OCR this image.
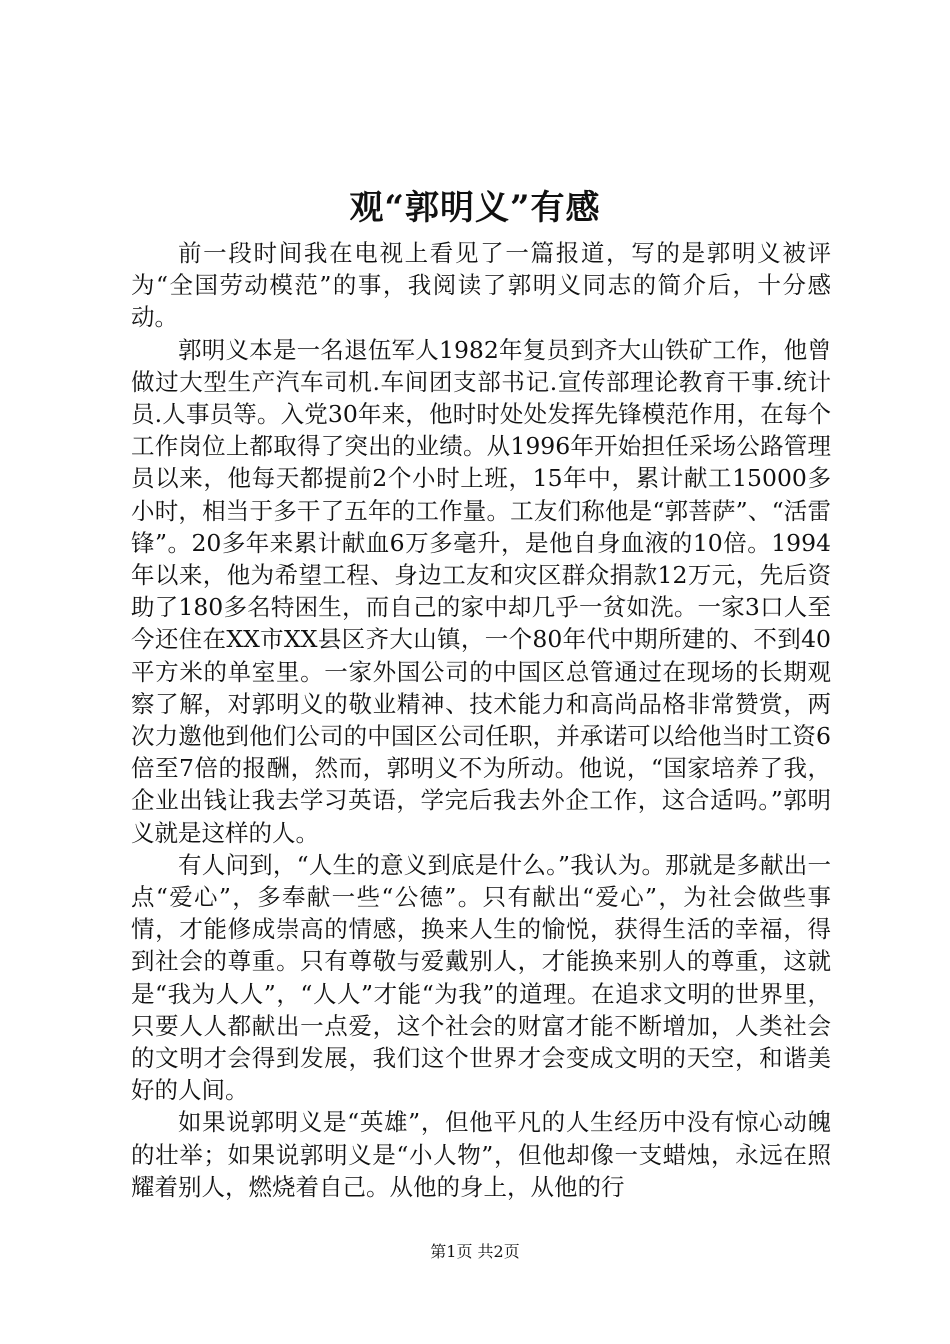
观“郭明义”有感

前一段时间我在电视上看见了一篇报道，写的是郭明义被评为“全国劳动模范”的事，我阅读了郭明义同志的简介后，十分感动。

郭明义本是一名退伍军人1982年复员到齐大山铁矿工作，他曾做过大型生产汽车司机.车间团支部书记.宣传部理论教育干事.统计员.人事员等。入党30年来，他时时处处发挥先锋模范作用，在每个工作岗位上都取得了突出的业绩。从1996年开始担任采场公路管理员以来，他每天都提前2个小时上班，15年中，累计献工15000多小时，相当于多干了五年的工作量。工友们称他是“郭菩萨”、“活雷锋”。20多年来累计献血6万多毫升，是他自身血液的10倍。1994年以来，他为希望工程、身边工友和灾区群众捐款12万元，先后资助了180多名特困生，而自己的家中却几乎一贫如洗。一家3口人至今还住在XX市XX县区齐大山镇，一个80年代中期所建的、不到40平方米的单室里。一家外国公司的中国区总管通过在现场的长期观察了解，对郭明义的敬业精神、技术能力和高尚品格非常赞赏，两次力邀他到他们公司的中国区公司任职，并承诺可以给他当时工资6倍至7倍的报酬，然而，郭明义不为所动。他说，“国家培养了我，企业出钱让我去学习英语，学完后我去外企工作，这合适吗。”郭明义就是这样的人。

有人问到，“人生的意义到底是什么。”我认为。那就是多献出一点“爱心”，多奉献一些“公德”。只有献出“爱心”，为社会做些事情，才能修成崇高的情感，换来人生的愉悦，获得生活的幸福，得到社会的尊重。只有尊敬与爱戴别人，才能换来别人的尊重，这就是“我为人人”，“人人”才能“为我”的道理。在追求文明的世界里，只要人人都献出一点爱，这个社会的财富才能不断增加，人类社会的文明才会得到发展，我们这个世界才会变成文明的天空，和谐美好的人间。

如果说郭明义是“英雄”，但他平凡的人生经历中没有惊心动魄的壮举；如果说郭明义是“小人物”，但他却像一支蜡烛，永远在照耀着别人，燃烧着自己。从他的身上，从他的行

第1页 共2页
